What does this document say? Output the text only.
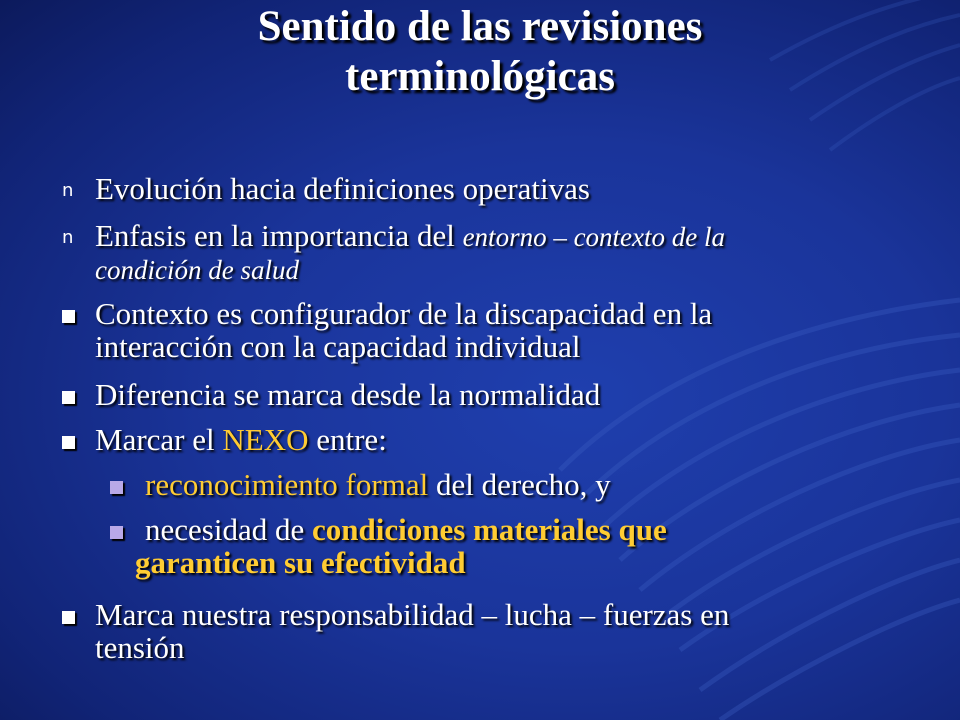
Sentido de las revisiones
terminológicas
n Evolución hacia definiciones operativas
n Enfasis en la importancia del entorno – contexto de la
condición de salud
Contexto es configurador de la discapacidad en la
interacción con la capacidad individual
Diferencia se marca desde la normalidad
Marcar el NEXO entre:
reconocimiento formal del derecho, y
necesidad de condiciones materiales que
garanticen su efectividad
Marca nuestra responsabilidad – lucha – fuerzas en
tensión
